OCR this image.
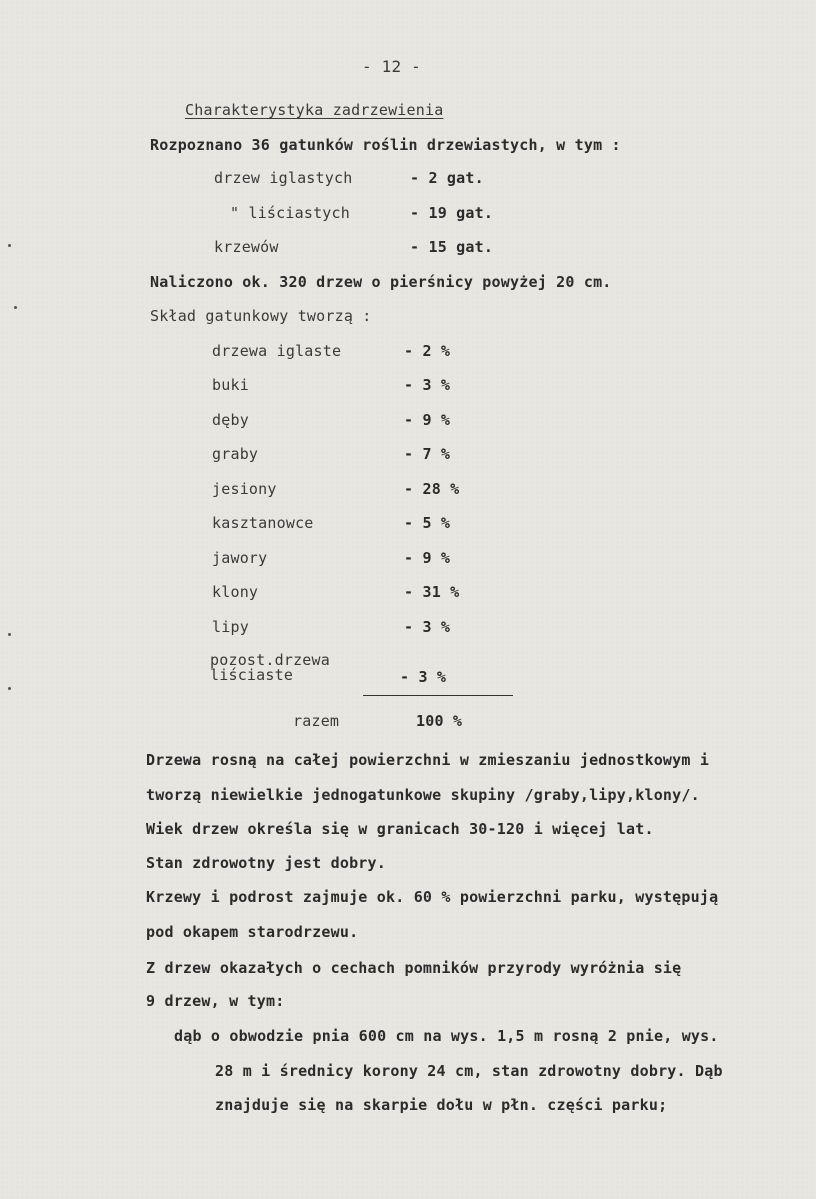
- 12 -
Charakterystyka zadrzewienia
Rozpoznano 36 gatunków roślin drzewiastych, w tym :
drzew iglastych	- 2 gat.
" liściastych	- 19 gat.
krzewów	- 15 gat.
Naliczono ok. 320 drzew o pierśnicy powyżej 20 cm.
Skład gatunkowy tworzą :
drzewa iglaste	- 2 %
buki	- 3 %
dęby	- 9 %
graby	- 7 %
jesiony	- 28 %
kasztanowce	- 5 %
jawory	- 9 %
klony	- 31 %
lipy	- 3 %
pozost.drzewa
liściaste	- 3 %
razem	100 %
Drzewa rosną na całej powierzchni w zmieszaniu jednostkowym i
tworzą niewielkie jednogatunkowe skupiny /graby,lipy,klony/.
Wiek drzew określa się w granicach 30-120 i więcej lat.
Stan zdrowotny jest dobry.
Krzewy i podrost zajmuje ok. 60 % powierzchni parku, występują
pod okapem starodrzewu.
Z drzew okazałych o cechach pomników przyrody wyróżnia się
9 drzew, w tym:
dąb o obwodzie pnia 600 cm na wys. 1,5 m rosną 2 pnie, wys.
28 m i średnicy korony 24 cm, stan zdrowotny dobry. Dąb
znajduje się na skarpie dołu w płn. części parku;
